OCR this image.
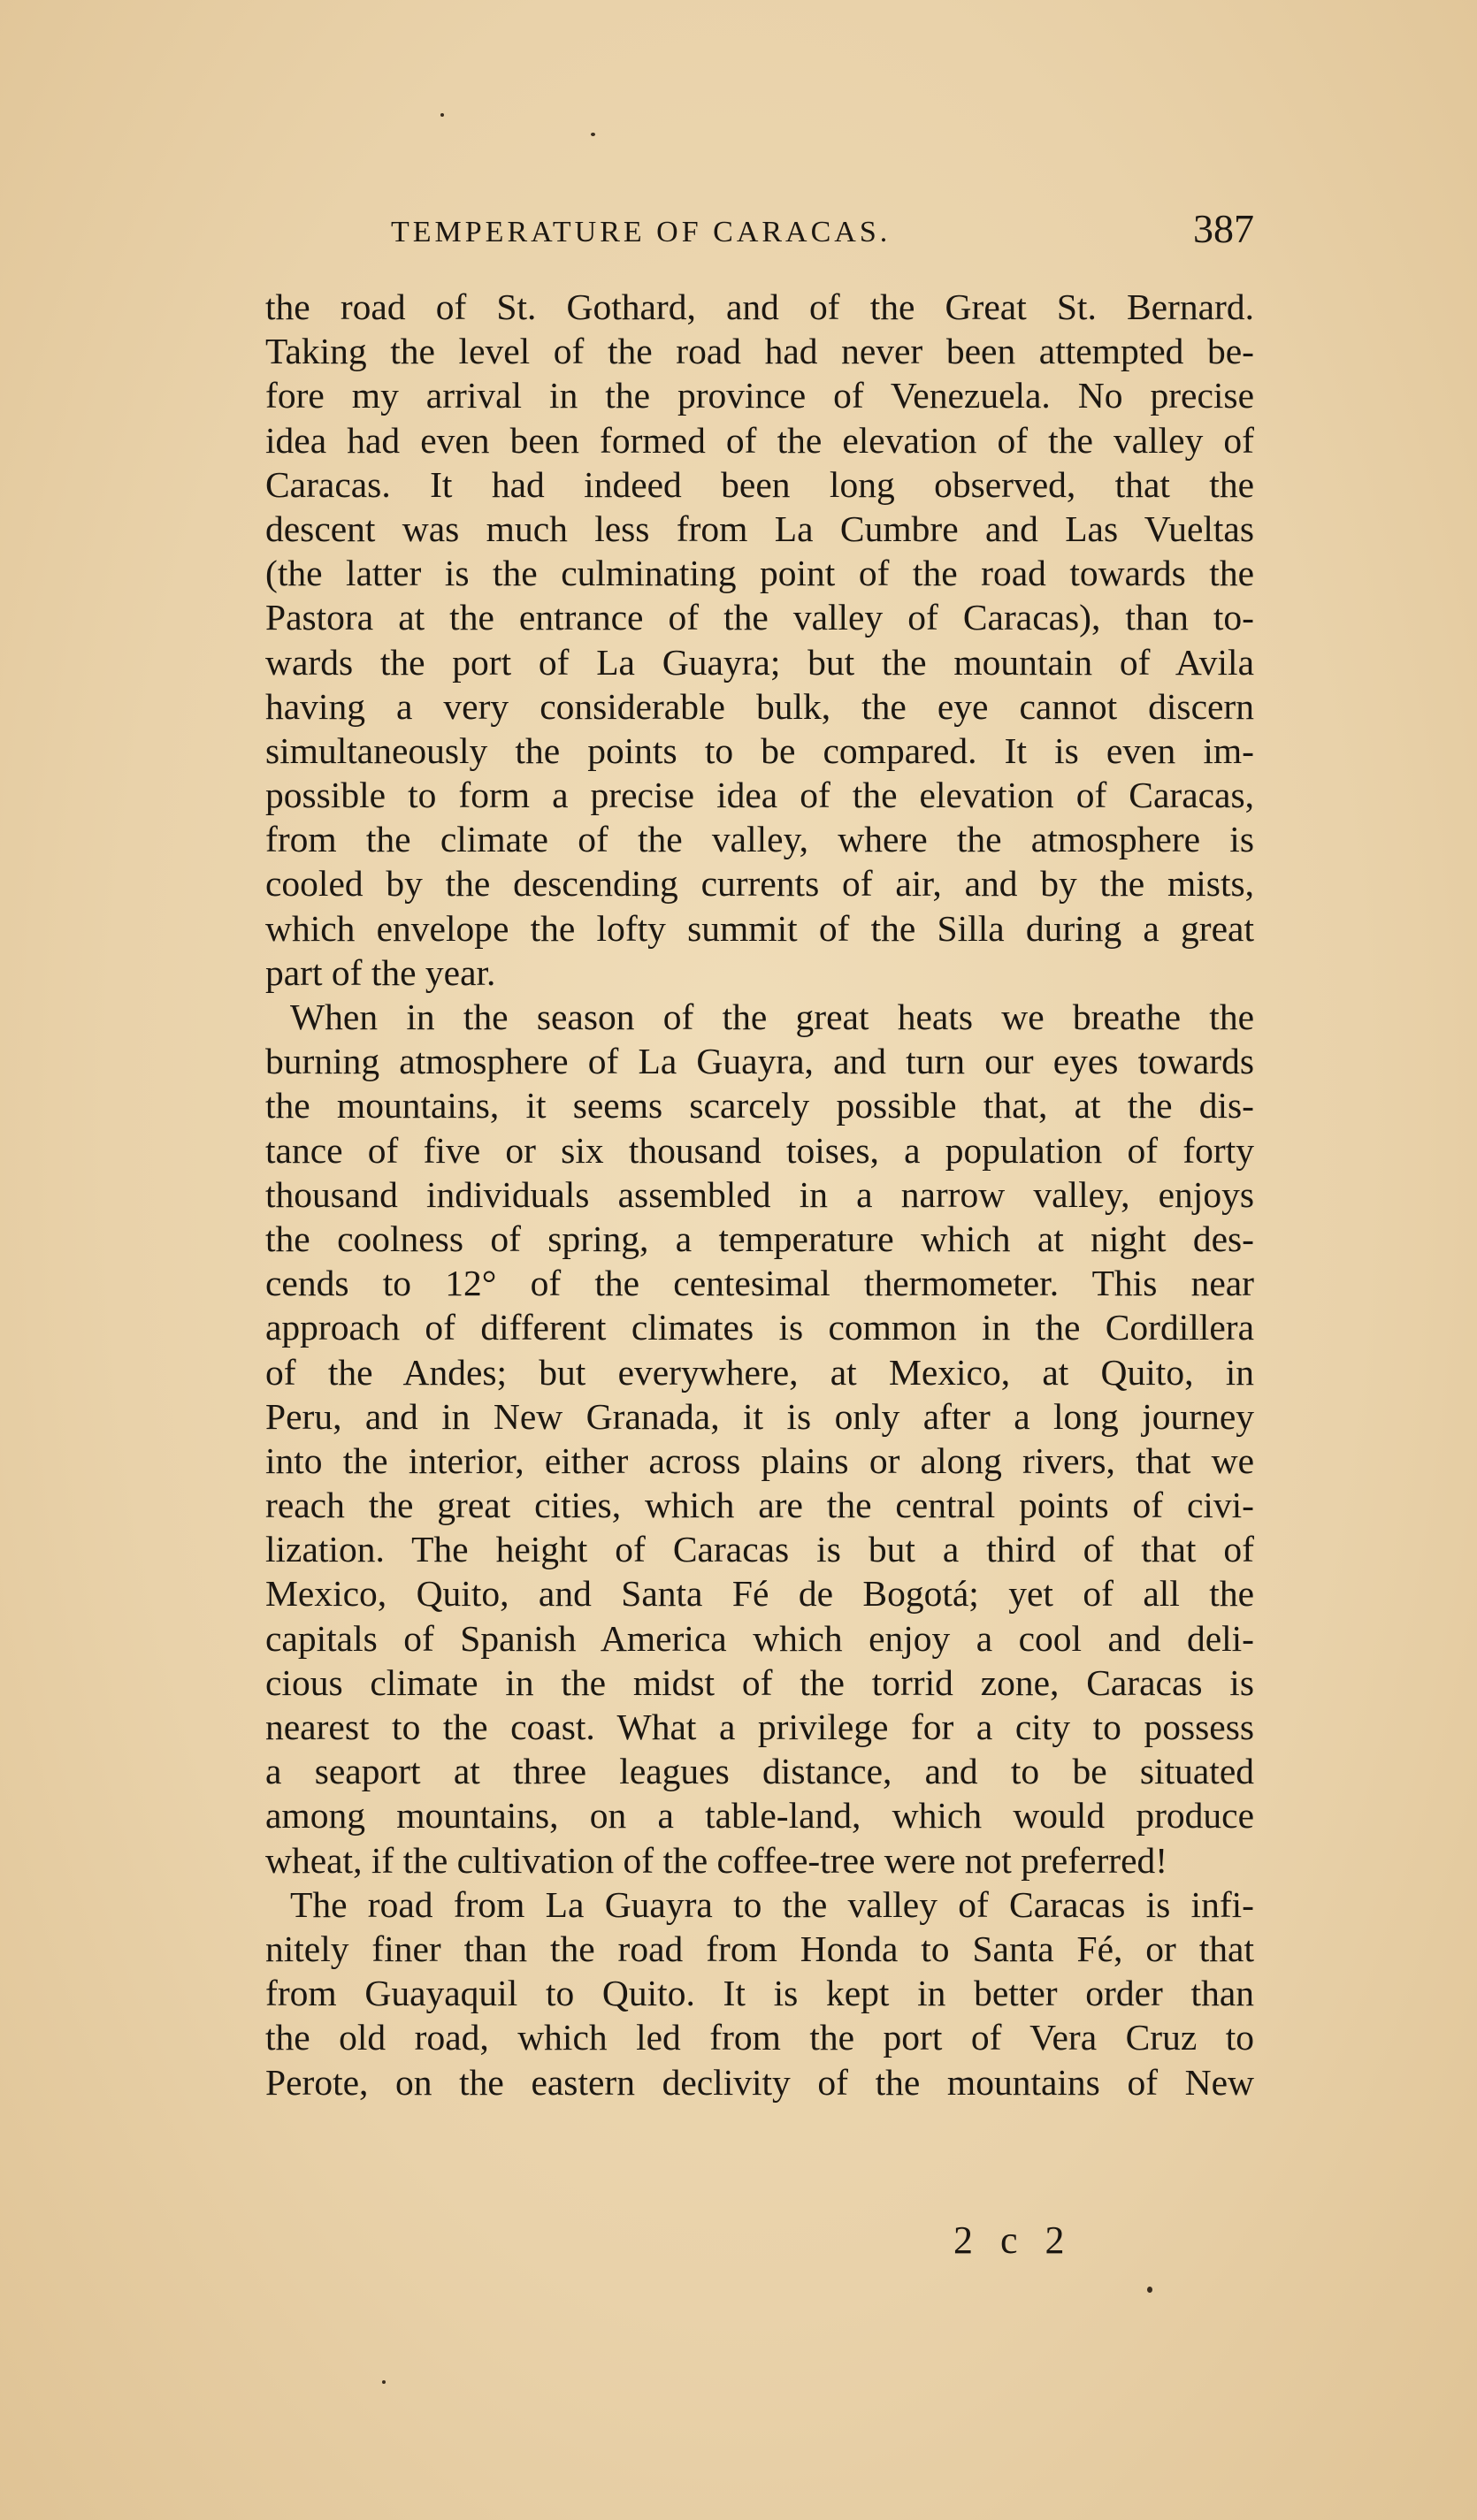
TEMPERATURE OF CARACAS.	387
the road of St. Gothard, and of the Great St. Bernard.
Taking the level of the road had never been attempted be-
fore my arrival in the province of Venezuela. No precise
idea had even been formed of the elevation of the valley of
Caracas. It had indeed been long observed, that the
descent was much less from La Cumbre and Las Vueltas
(the latter is the culminating point of the road towards the
Pastora at the entrance of the valley of Caracas), than to-
wards the port of La Guayra; but the mountain of Avila
having a very considerable bulk, the eye cannot discern
simultaneously the points to be compared. It is even im-
possible to form a precise idea of the elevation of Caracas,
from the climate of the valley, where the atmosphere is
cooled by the descending currents of air, and by the mists,
which envelope the lofty summit of the Silla during a great
part of the year.
When in the season of the great heats we breathe the
burning atmosphere of La Guayra, and turn our eyes towards
the mountains, it seems scarcely possible that, at the dis-
tance of five or six thousand toises, a population of forty
thousand individuals assembled in a narrow valley, enjoys
the coolness of spring, a temperature which at night des-
cends to 12° of the centesimal thermometer. This near
approach of different climates is common in the Cordillera
of the Andes; but everywhere, at Mexico, at Quito, in
Peru, and in New Granada, it is only after a long journey
into the interior, either across plains or along rivers, that we
reach the great cities, which are the central points of civi-
lization. The height of Caracas is but a third of that of
Mexico, Quito, and Santa Fé de Bogotá; yet of all the
capitals of Spanish America which enjoy a cool and deli-
cious climate in the midst of the torrid zone, Caracas is
nearest to the coast. What a privilege for a city to possess
a seaport at three leagues distance, and to be situated
among mountains, on a table-land, which would produce
wheat, if the cultivation of the coffee-tree were not preferred!
The road from La Guayra to the valley of Caracas is infi-
nitely finer than the road from Honda to Santa Fé, or that
from Guayaquil to Quito. It is kept in better order than
the old road, which led from the port of Vera Cruz to
Perote, on the eastern declivity of the mountains of New
2 c 2
